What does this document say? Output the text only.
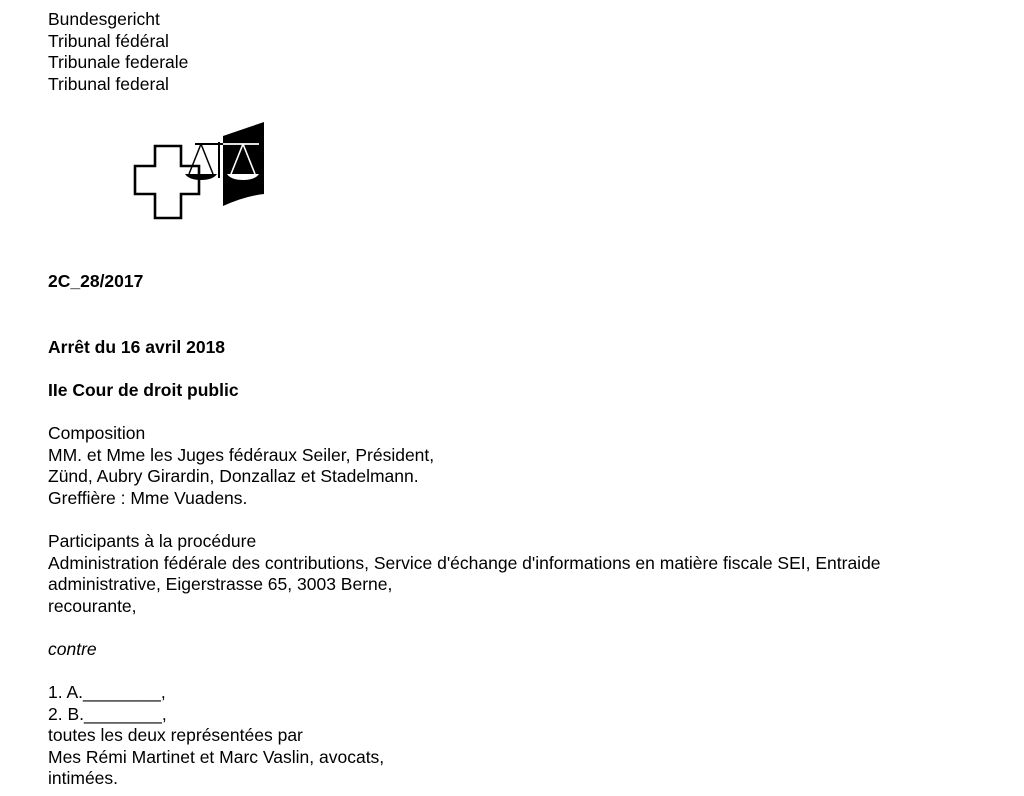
Bundesgericht
Tribunal fédéral
Tribunale federale
Tribunal federal
2C_28/2017
Arrêt du 16 avril 2018
IIe Cour de droit public
Composition
MM. et Mme les Juges fédéraux Seiler, Président,
Zünd, Aubry Girardin, Donzallaz et Stadelmann.
Greffière : Mme Vuadens.
Participants à la procédure
Administration fédérale des contributions, Service d'échange d'informations en matière fiscale SEI, Entraide
administrative, Eigerstrasse 65, 3003 Berne,
recourante,
contre
1. A.________,
2. B.________,
toutes les deux représentées par
Mes Rémi Martinet et Marc Vaslin, avocats,
intimées.
